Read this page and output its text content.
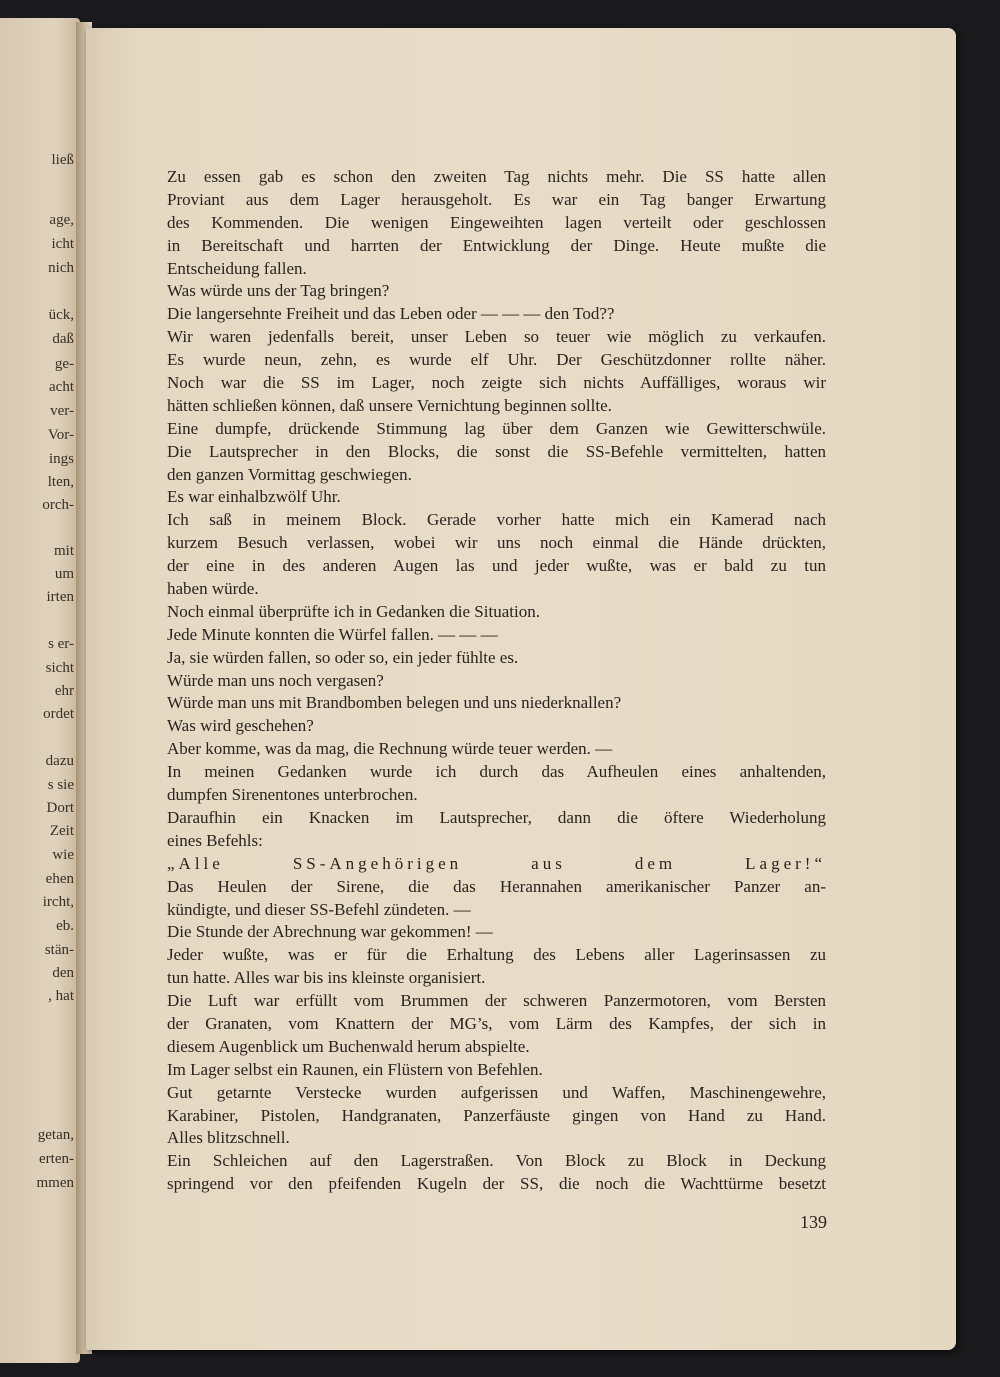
ließ
age,
icht
nich
ück,
daß
ge-
acht
ver-
Vor-
ings
lten,
orch-
mit
um
irten
s er-
sicht
ehr
ordet
dazu
s sie
Dort
Zeit
wie
ehen
ircht,
eb.
stän-
den
, hat
getan,
erten-
mmen
Zu essen gab es schon den zweiten Tag nichts mehr. Die SS hatte allen
Proviant aus dem Lager herausgeholt. Es war ein Tag banger Erwartung
des Kommenden. Die wenigen Eingeweihten lagen verteilt oder geschlossen
in Bereitschaft und harrten der Entwicklung der Dinge. Heute mußte die
Entscheidung fallen.
Was würde uns der Tag bringen?
Die langersehnte Freiheit und das Leben oder — — — den Tod??
Wir waren jedenfalls bereit, unser Leben so teuer wie möglich zu verkaufen.
Es wurde neun, zehn, es wurde elf Uhr. Der Geschützdonner rollte näher.
Noch war die SS im Lager, noch zeigte sich nichts Auffälliges, woraus wir
hätten schließen können, daß unsere Vernichtung beginnen sollte.
Eine dumpfe, drückende Stimmung lag über dem Ganzen wie Gewitterschwüle.
Die Lautsprecher in den Blocks, die sonst die SS-Befehle vermittelten, hatten
den ganzen Vormittag geschwiegen.
Es war einhalbzwölf Uhr.
Ich saß in meinem Block. Gerade vorher hatte mich ein Kamerad nach
kurzem Besuch verlassen, wobei wir uns noch einmal die Hände drückten,
der eine in des anderen Augen las und jeder wußte, was er bald zu tun
haben würde.
Noch einmal überprüfte ich in Gedanken die Situation.
Jede Minute konnten die Würfel fallen. — — —
Ja, sie würden fallen, so oder so, ein jeder fühlte es.
Würde man uns noch vergasen?
Würde man uns mit Brandbomben belegen und uns niederknallen?
Was wird geschehen?
Aber komme, was da mag, die Rechnung würde teuer werden. —
In meinen Gedanken wurde ich durch das Aufheulen eines anhaltenden,
dumpfen Sirenentones unterbrochen.
Daraufhin ein Knacken im Lautsprecher, dann die öftere Wiederholung
eines Befehls:
„Alle SS-Angehörigen aus dem Lager!“
Das Heulen der Sirene, die das Herannahen amerikanischer Panzer an-
kündigte, und dieser SS-Befehl zündeten. —
Die Stunde der Abrechnung war gekommen! —
Jeder wußte, was er für die Erhaltung des Lebens aller Lagerinsassen zu
tun hatte. Alles war bis ins kleinste organisiert.
Die Luft war erfüllt vom Brummen der schweren Panzermotoren, vom Bersten
der Granaten, vom Knattern der MG’s, vom Lärm des Kampfes, der sich in
diesem Augenblick um Buchenwald herum abspielte.
Im Lager selbst ein Raunen, ein Flüstern von Befehlen.
Gut getarnte Verstecke wurden aufgerissen und Waffen, Maschinengewehre,
Karabiner, Pistolen, Handgranaten, Panzerfäuste gingen von Hand zu Hand.
Alles blitzschnell.
Ein Schleichen auf den Lagerstraßen. Von Block zu Block in Deckung
springend vor den pfeifenden Kugeln der SS, die noch die Wachttürme besetzt
139
